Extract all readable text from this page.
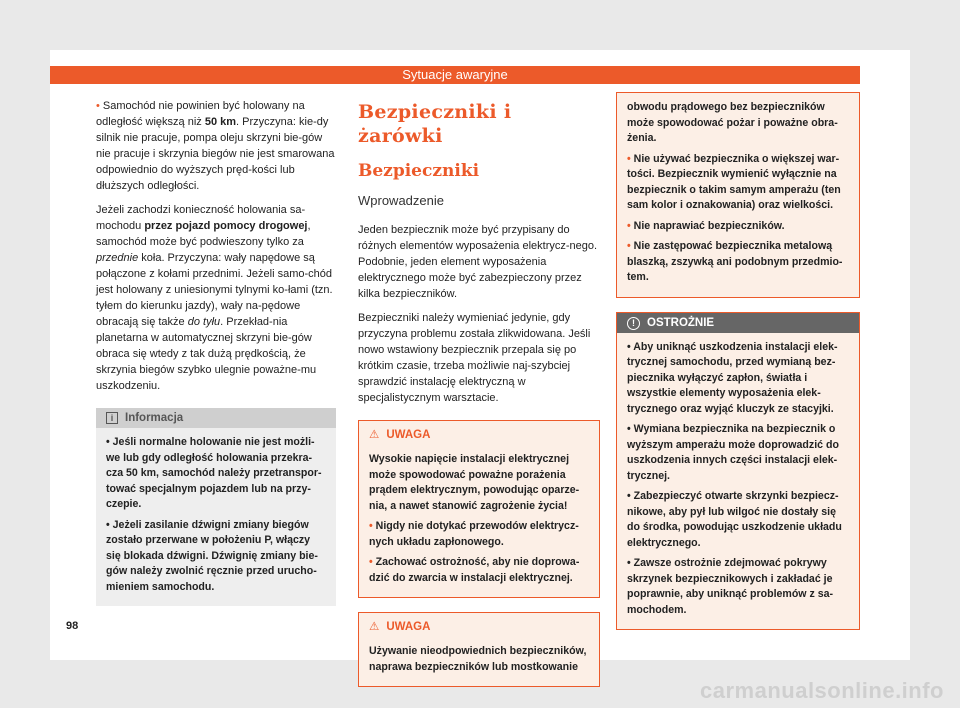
Sytuacje awaryjne

• Samochód nie powinien być holowany na odległość większą niż 50 km. Przyczyna: kie-dy silnik nie pracuje, pompa oleju skrzyni bie-gów nie pracuje i skrzynia biegów nie jest smarowana odpowiednio do wyższych pręd-kości lub dłuższych odległości.

Jeżeli zachodzi konieczność holowania sa-mochodu przez pojazd pomocy drogowej, samochód może być podwieszony tylko za przednie koła. Przyczyna: wały napędowe są połączone z kołami przednimi. Jeżeli samo-chód jest holowany z uniesionymi tylnymi ko-łami (tzn. tyłem do kierunku jazdy), wały na-pędowe obracają się także do tyłu. Przekład-nia planetarna w automatycznej skrzyni bie-gów obraca się wtedy z tak dużą prędkością, że skrzynia biegów szybko ulegnie poważne-mu uszkodzeniu.

i Informacja

• Jeśli normalne holowanie nie jest możli-we lub gdy odległość holowania przekra-cza 50 km, samochód należy przetranspor-tować specjalnym pojazdem lub na przy-czepie.

• Jeżeli zasilanie dźwigni zmiany biegów zostało przerwane w położeniu P, włączy się blokada dźwigni. Dźwignię zmiany bie-gów należy zwolnić ręcznie przed urucho-mieniem samochodu.

Bezpieczniki i żarówki
Bezpieczniki
Wprowadzenie

Jeden bezpiecznik może być przypisany do różnych elementów wyposażenia elektrycz-nego. Podobnie, jeden element wyposażenia elektrycznego może być zabezpieczony przez kilka bezpieczników.

Bezpieczniki należy wymieniać jedynie, gdy przyczyna problemu została zlikwidowana. Jeśli nowo wstawiony bezpiecznik przepala się po krótkim czasie, trzeba możliwie naj-szybciej sprawdzić instalację elektryczną w specjalistycznym warsztacie.

⚠ UWAGA

Wysokie napięcie instalacji elektrycznej może spowodować poważne porażenia prądem elektrycznym, powodując oparze-nia, a nawet stanowić zagrożenie życia!

• Nigdy nie dotykać przewodów elektrycz-nych układu zapłonowego.

• Zachować ostrożność, aby nie doprowa-dzić do zwarcia w instalacji elektrycznej.

⚠ UWAGA

Używanie nieodpowiednich bezpieczników, naprawa bezpieczników lub mostkowanie

obwodu prądowego bez bezpieczników może spowodować pożar i poważne obra-żenia.

• Nie używać bezpiecznika o większej war-tości. Bezpiecznik wymienić wyłącznie na bezpiecznik o takim samym amperażu (ten sam kolor i oznakowania) oraz wielkości.

• Nie naprawiać bezpieczników.

• Nie zastępować bezpiecznika metalową blaszką, zszywką ani podobnym przedmio-tem.

! OSTROŻNIE

• Aby uniknąć uszkodzenia instalacji elek-trycznej samochodu, przed wymianą bez-piecznika wyłączyć zapłon, światła i wszystkie elementy wyposażenia elek-trycznego oraz wyjąć kluczyk ze stacyjki.

• Wymiana bezpiecznika na bezpiecznik o wyższym amperażu może doprowadzić do uszkodzenia innych części instalacji elek-trycznej.

• Zabezpieczyć otwarte skrzynki bezpiecz-nikowe, aby pył lub wilgoć nie dostały się do środka, powodując uszkodzenie układu elektrycznego.

• Zawsze ostrożnie zdejmować pokrywy skrzynek bezpiecznikowych i zakładać je poprawnie, aby uniknąć problemów z sa-mochodem.

98
carmanualsonline.info
